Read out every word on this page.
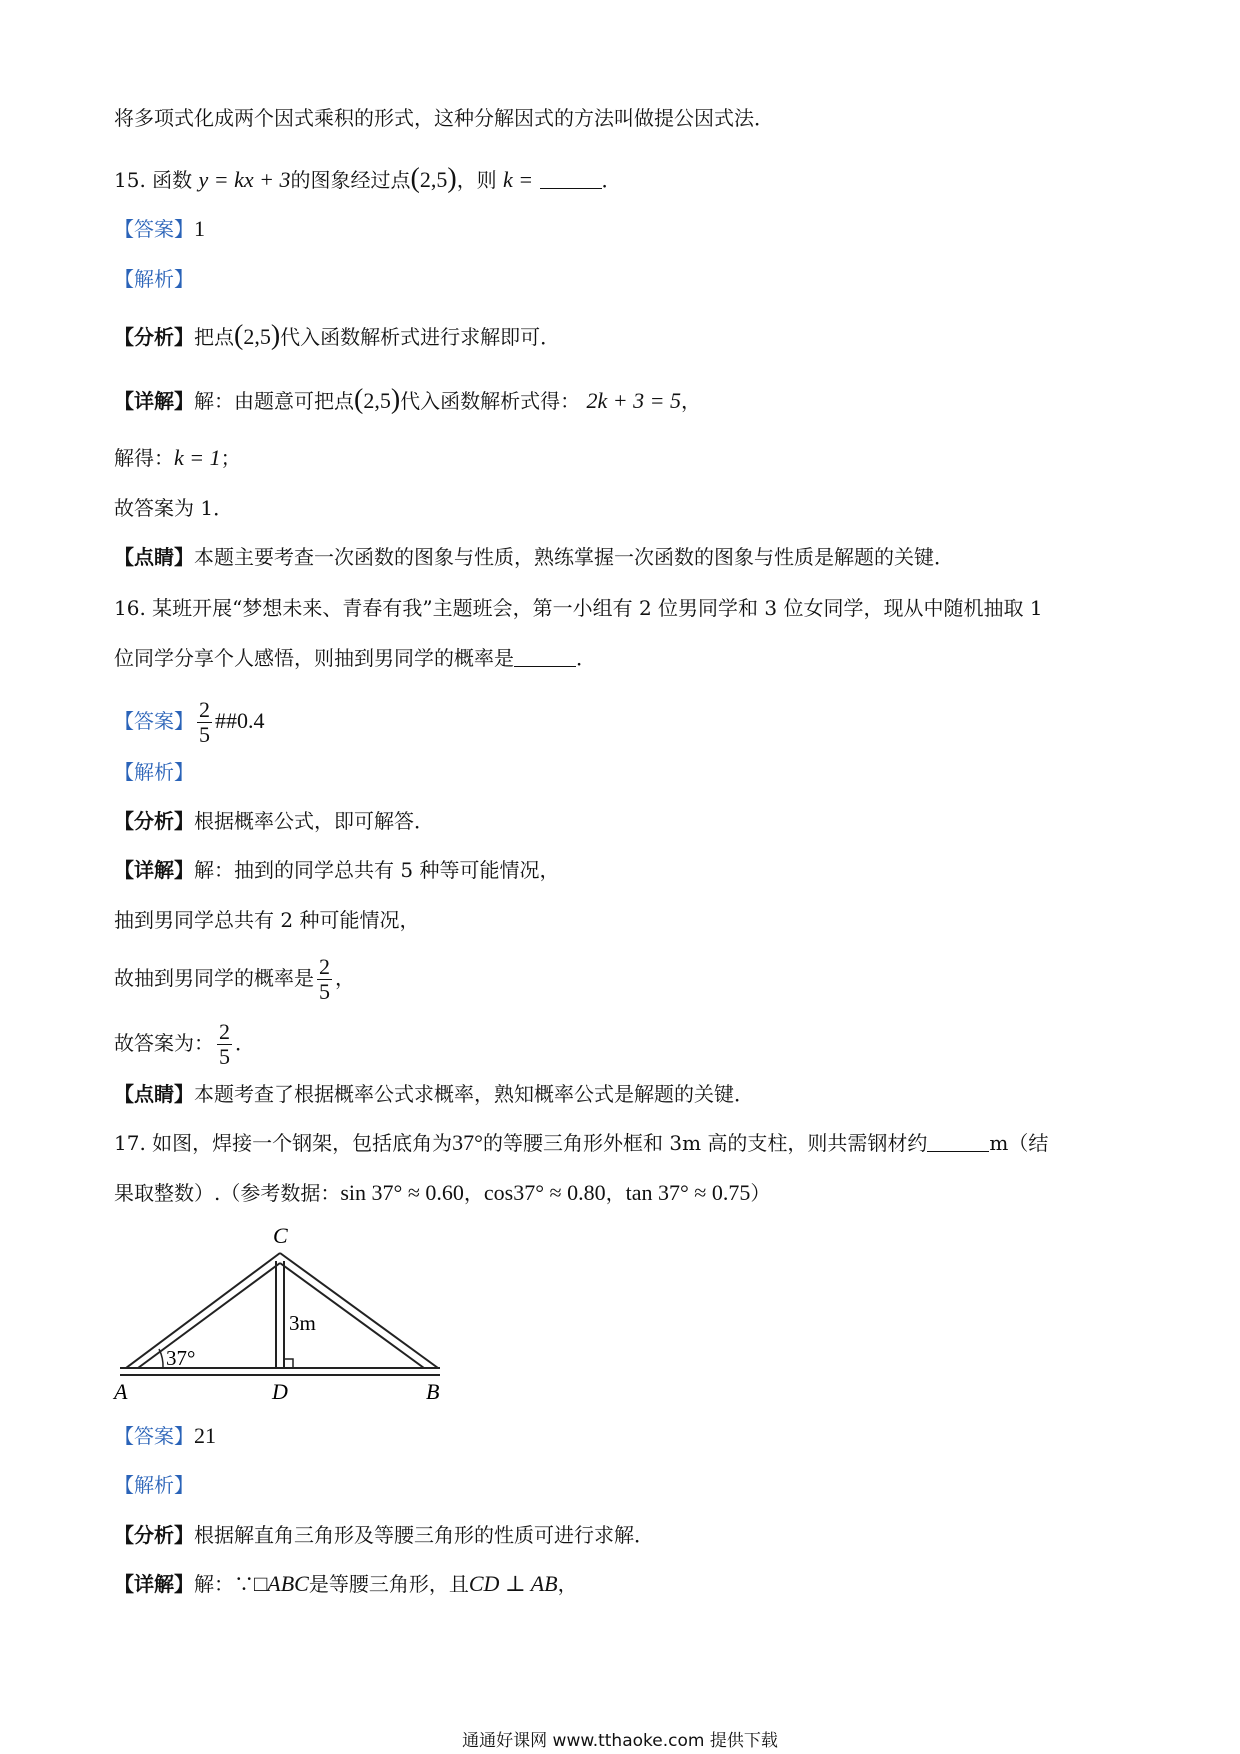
将多项式化成两个因式乘积的形式，这种分解因式的方法叫做提公因式法．
15. 函数 y = kx + 3的图象经过点(2,5)，则 k =	．
【答案】1
【解析】
【分析】把点(2,5)代入函数解析式进行求解即可．
【详解】解：由题意可把点(2,5)代入函数解析式得： 2k + 3 = 5，
解得：k = 1；
故答案为 1．
【点睛】本题主要考查一次函数的图象与性质，熟练掌握一次函数的图象与性质是解题的关键．
16. 某班开展“梦想未来、青春有我”主题班会，第一小组有 2 位男同学和 3 位女同学，现从中随机抽取 1
位同学分享个人感悟，则抽到男同学的概率是	．
【答案】 $\frac{2}{5}$ ##0.4
【解析】
【分析】根据概率公式，即可解答．
【详解】解：抽到的同学总共有 5 种等可能情况，
抽到男同学总共有 2 种可能情况，
故抽到男同学的概率是 $\frac{2}{5}$ ，
故答案为： $\frac{2}{5}$ ．
【点睛】本题考查了根据概率公式求概率，熟知概率公式是解题的关键．
17. 如图，焊接一个钢架，包括底角为37°的等腰三角形外框和 3m 高的支柱，则共需钢材约	m（结
果取整数）.（参考数据：sin 37° ≈ 0.60，cos37° ≈ 0.80，tan 37° ≈ 0.75）
C
A	D	B
3m
37°
【答案】21
【解析】
【分析】根据解直角三角形及等腰三角形的性质可进行求解．
【详解】解：∵□ABC是等腰三角形，且CD ⊥ AB，
通通好课网 www.tthaoke.com 提供下载
